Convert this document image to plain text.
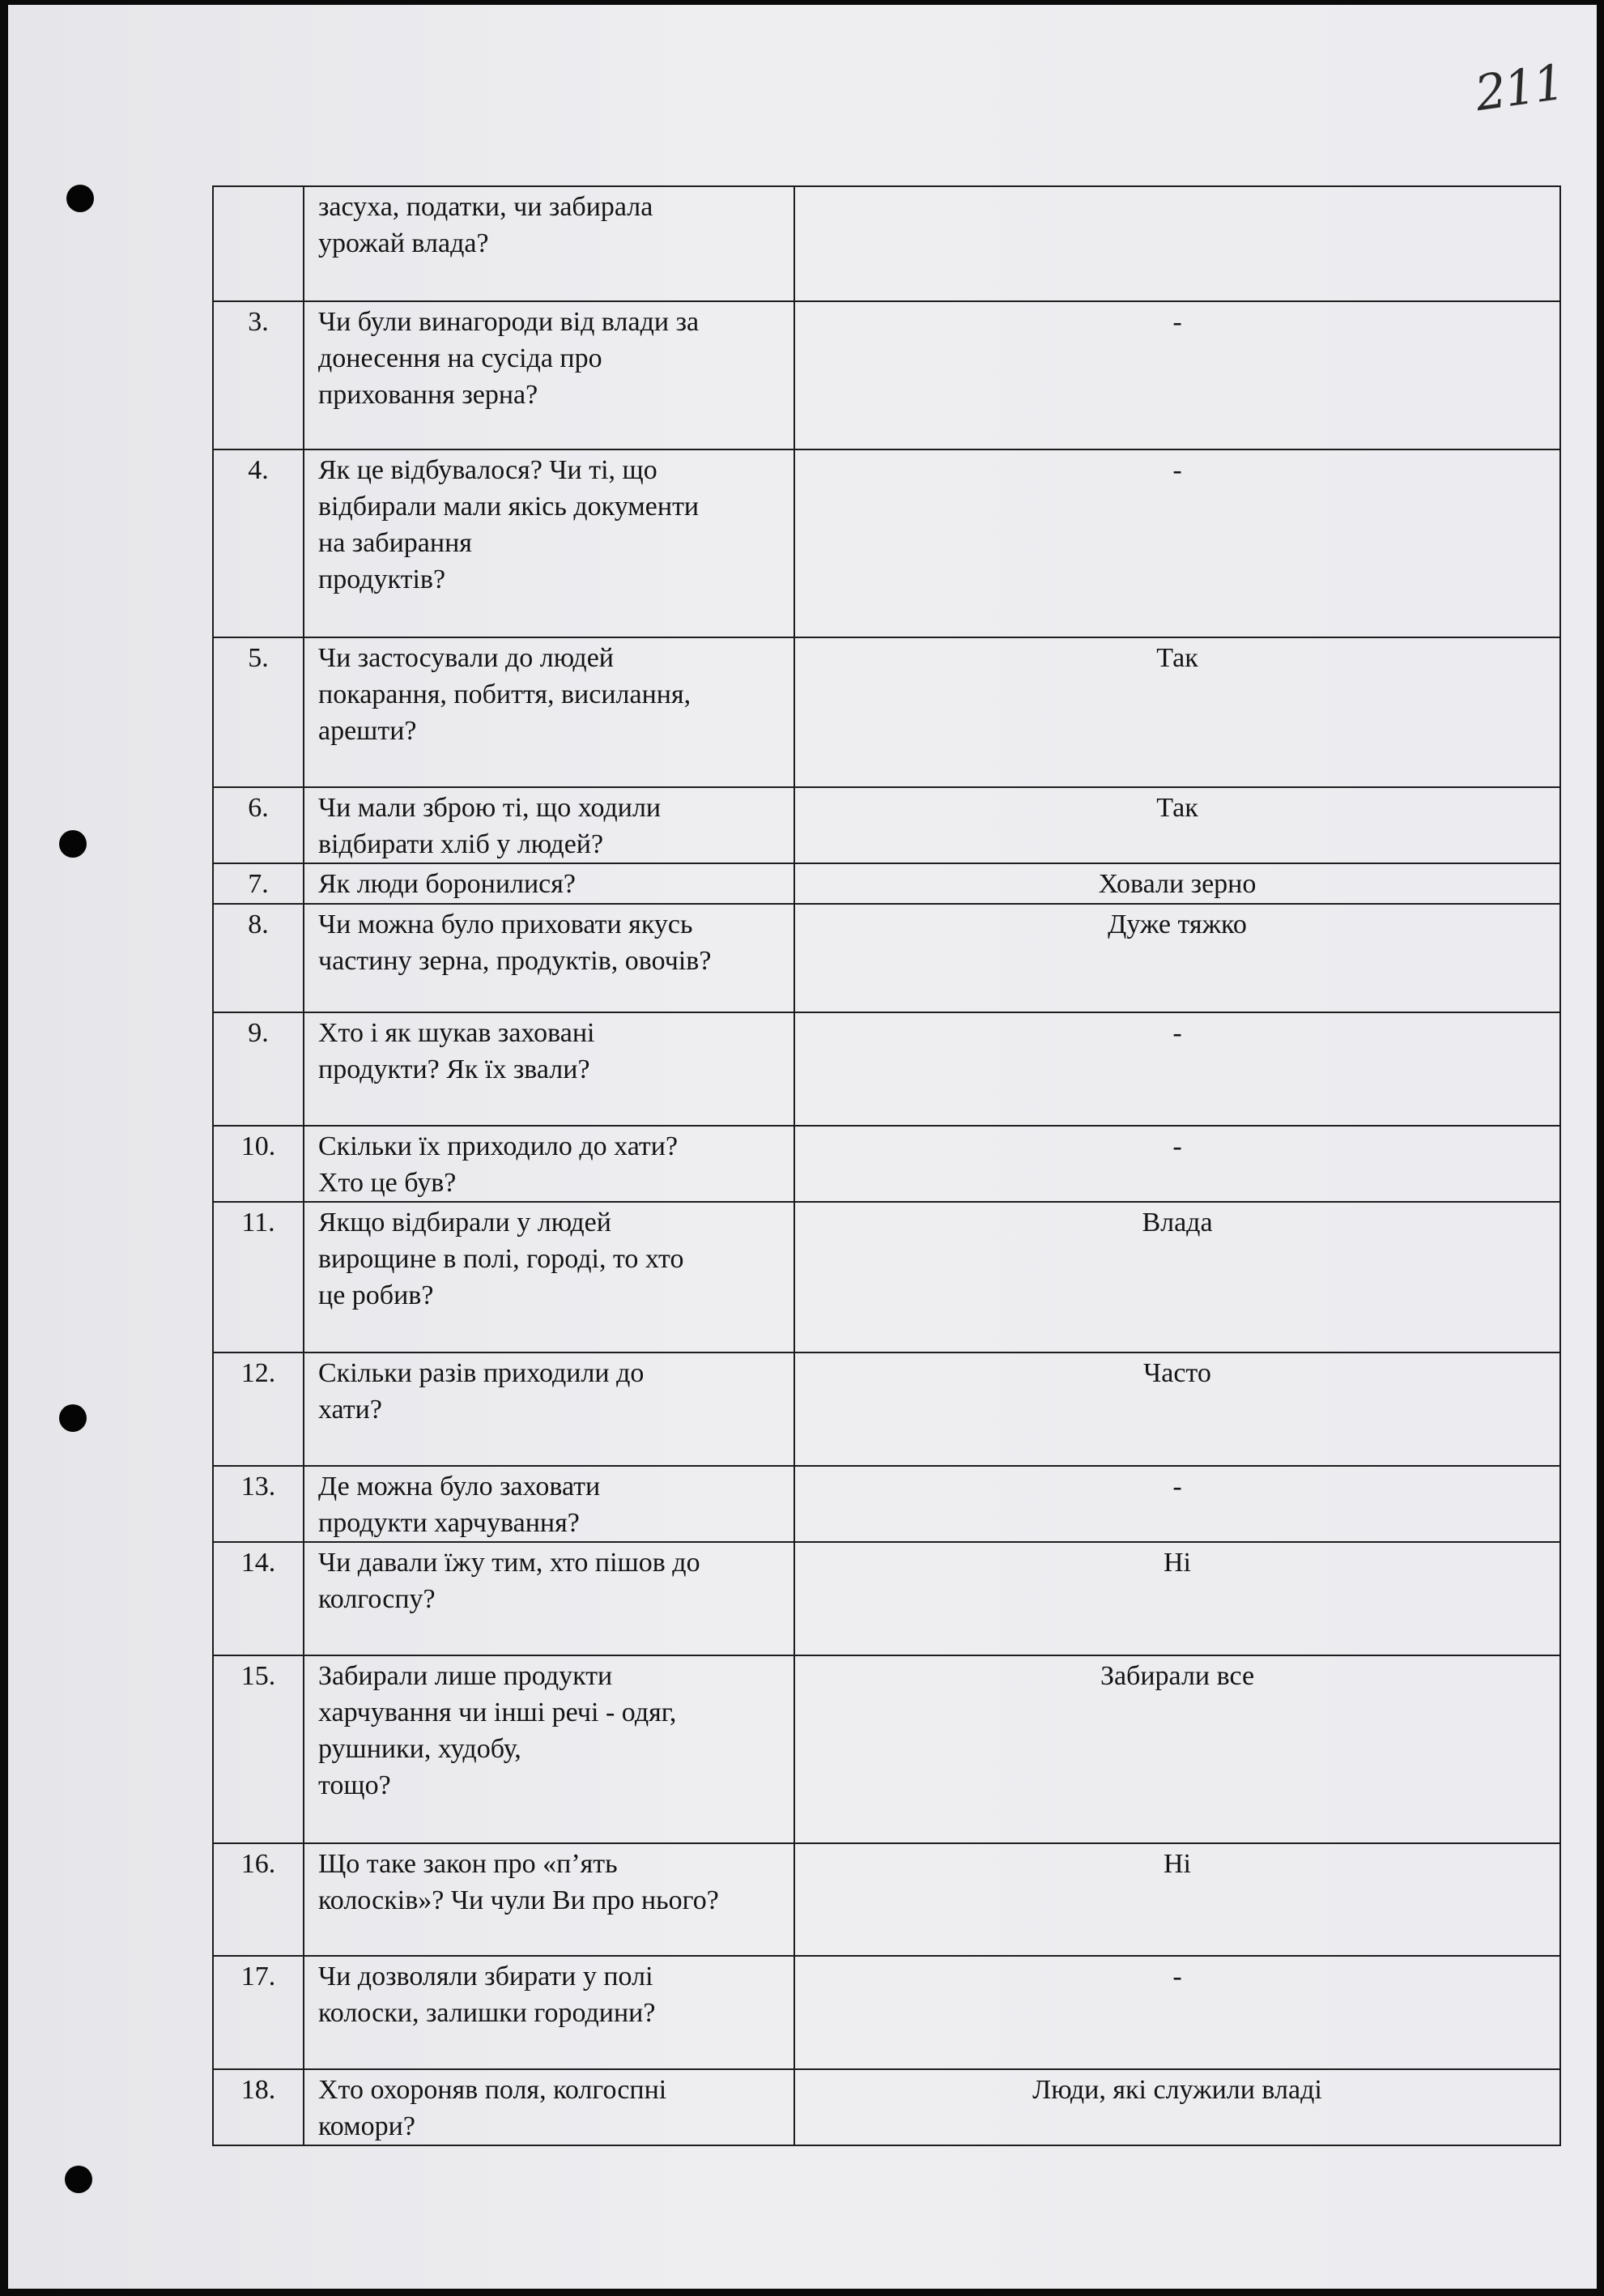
211
	засуха, податки, чи забирала
урожай влада?	
3.	Чи були винагороди від влади за
донесення на сусіда про
приховання зерна?	-
4.	Як це відбувалося? Чи ті, що
відбирали мали якісь документи
на забирання
продуктів?	-
5.	Чи застосували до людей
покарання, побиття, висилання,
арешти?	Так
6.	Чи мали зброю ті, що ходили
відбирати хліб у людей?	Так
7.	Як люди боронилися?	Ховали зерно
8.	Чи можна було приховати якусь
частину зерна, продуктів, овочів?	Дуже тяжко
9.	Хто і як шукав заховані
продукти? Як їх звали?	-
10.	Скільки їх приходило до хати?
Хто це був?	-
11.	Якщо відбирали у людей
вирощине в полі, городі, то хто
це робив?	Влада
12.	Скільки разів приходили до
хати?	Часто
13.	Де можна було заховати
продукти харчування?	-
14.	Чи давали їжу тим, хто пішов до
колгоспу?	Ні
15.	Забирали лише продукти
харчування чи інші речі - одяг,
рушники, худобу,
тощо?	Забирали все
16.	Що таке закон про «п’ять
колосків»? Чи чули Ви про нього?	Ні
17.	Чи дозволяли збирати у полі
колоски, залишки городини?	-
18.	Хто охороняв поля, колгоспні
комори?	Люди, які служили владі
